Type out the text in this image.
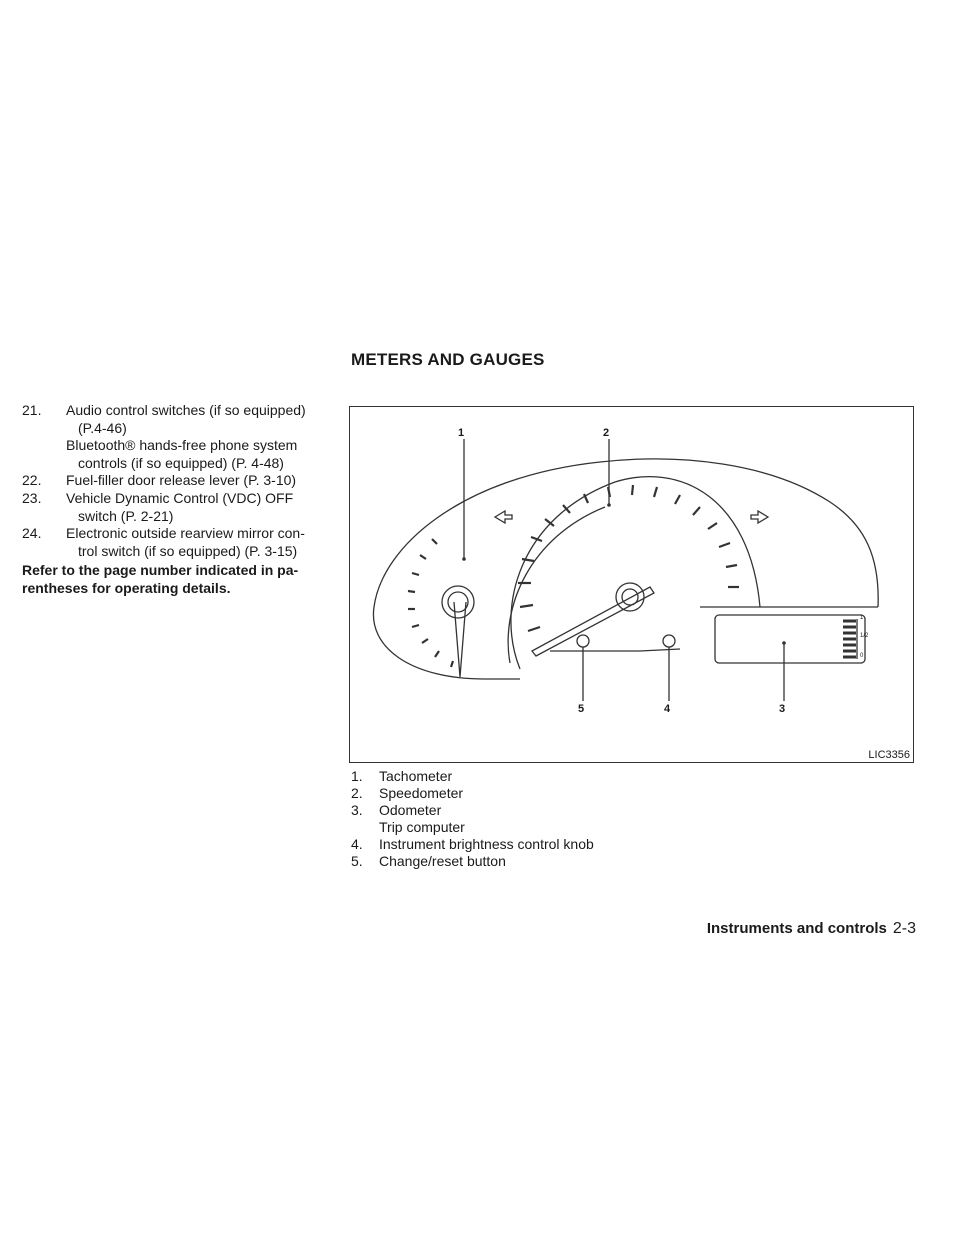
METERS AND GAUGES
21. Audio control switches (if so equipped)
(P.4-46)
Bluetooth® hands-free phone system
controls (if so equipped) (P. 4-48)
22. Fuel-filler door release lever (P. 3-10)
23. Vehicle Dynamic Control (VDC) OFF
switch (P. 2-21)
24. Electronic outside rearview mirror con-
trol switch (if so equipped) (P. 3-15)
Refer to the page number indicated in pa- rentheses for operating details.
1	2
3
4
5
1
1/2
0
LIC3356
1. Tachometer
2. Speedometer
3. Odometer
Trip computer
4. Instrument brightness control knob
5. Change/reset button
Instruments and controls 2-3
